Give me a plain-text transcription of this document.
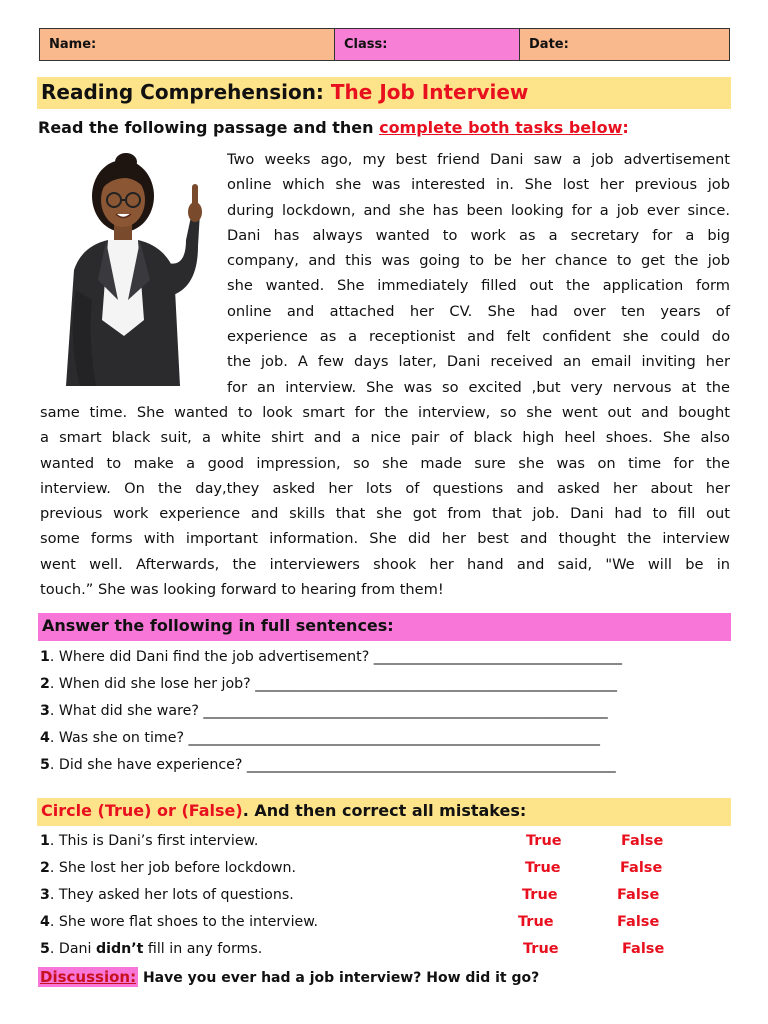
Name:	Class:	Date:
Reading Comprehension: The Job Interview
Read the following passage and then complete both tasks below:

Two weeks ago, my best friend Dani saw a job advertisement
online which she was interested in. She lost her previous job
during lockdown, and she has been looking for a job ever since.
Dani has always wanted to work as a secretary for a big
company, and this was going to be her chance to get the job
she wanted. She immediately filled out the application form
online and attached her CV. She had over ten years of
experience as a receptionist and felt confident she could do
the job. A few days later, Dani received an email inviting her
for an interview. She was so excited ,but very nervous at the
same time. She wanted to look smart for the interview, so she went out and bought
a smart black suit, a white shirt and a nice pair of black high heel shoes. She also
wanted to make a good impression, so she made sure she was on time for the
interview. On the day,they asked her lots of questions and asked her about her
previous work experience and skills that she got from that job. Dani had to fill out
some forms with important information. She did her best and thought the interview
went well. Afterwards, the interviewers shook her hand and said, "We will be in
touch.” She was looking forward to hearing from them!

Answer the following in full sentences:
1. Where did Dani find the job advertisement? ___________________________________
2. When did she lose her job? ___________________________________________________
3. What did she ware? _________________________________________________________
4. Was she on time? __________________________________________________________
5. Did she have experience? ____________________________________________________
Circle (True) or (False). And then correct all mistakes:
1. This is Dani’s first interview.	True	False
2. She lost her job before lockdown.	True	False
3. They asked her lots of questions.	True	False
4. She wore flat shoes to the interview.	True	False
5. Dani didn’t fill in any forms.	True	False
Discussion: Have you ever had a job interview? How did it go?
